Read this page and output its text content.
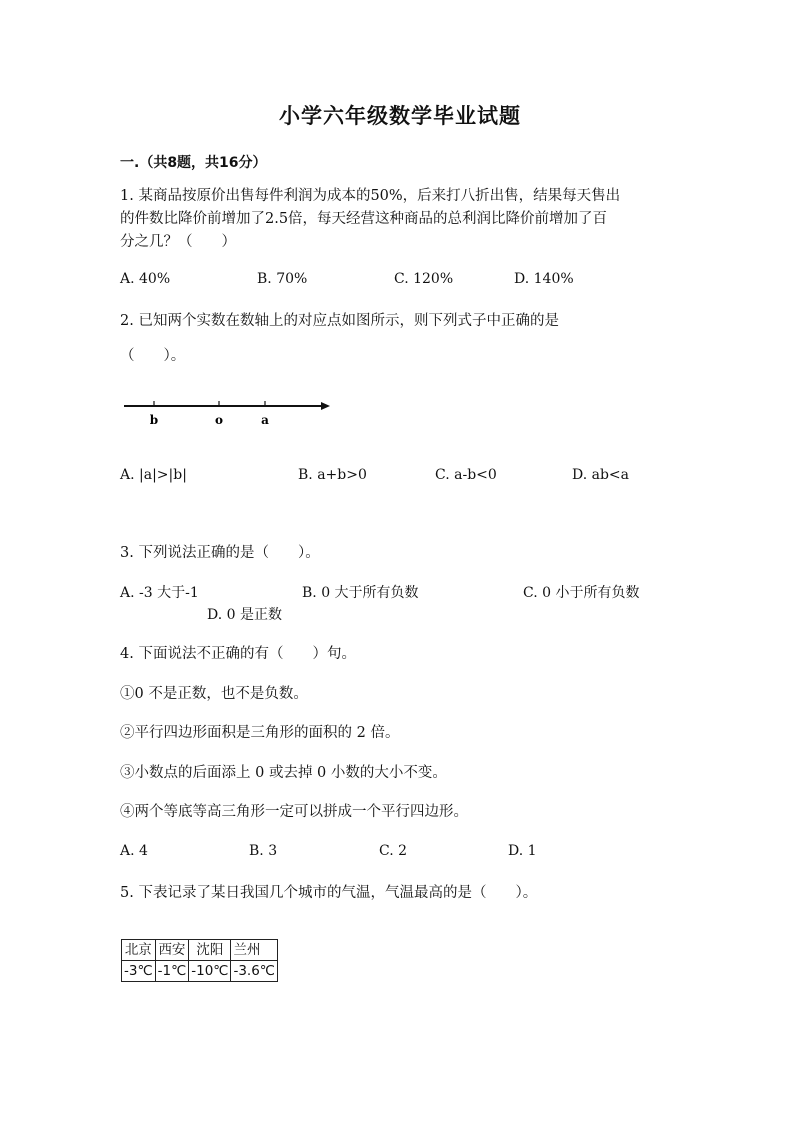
小学六年级数学毕业试题
一.（共8题，共16分）
1. 某商品按原价出售每件利润为成本的50%，后来打八折出售，结果每天售出
的件数比降价前增加了2.5倍，每天经营这种商品的总利润比降价前增加了百
分之几？（　　）
A. 40%	B. 70%	C. 120%	D. 140%
2. 已知两个实数在数轴上的对应点如图所示，则下列式子中正确的是
（　　）。
b	o	a
A. |a|>|b|	B. a+b>0	C. a-b<0	D. ab<a
3. 下列说法正确的是（　　）。
A. -3 大于-1	B. 0 大于所有负数	C. 0 小于所有负数
D. 0 是正数
4. 下面说法不正确的有（　　）句。
①0 不是正数，也不是负数。
②平行四边形面积是三角形的面积的 2 倍。
③小数点的后面添上 0 或去掉 0 小数的大小不变。
④两个等底等高三角形一定可以拼成一个平行四边形。
A. 4	B. 3	C. 2	D. 1
5. 下表记录了某日我国几个城市的气温，气温最高的是（　　）。
北京	西安	沈阳	兰州
-3℃	-1℃	-10℃	-3.6℃
